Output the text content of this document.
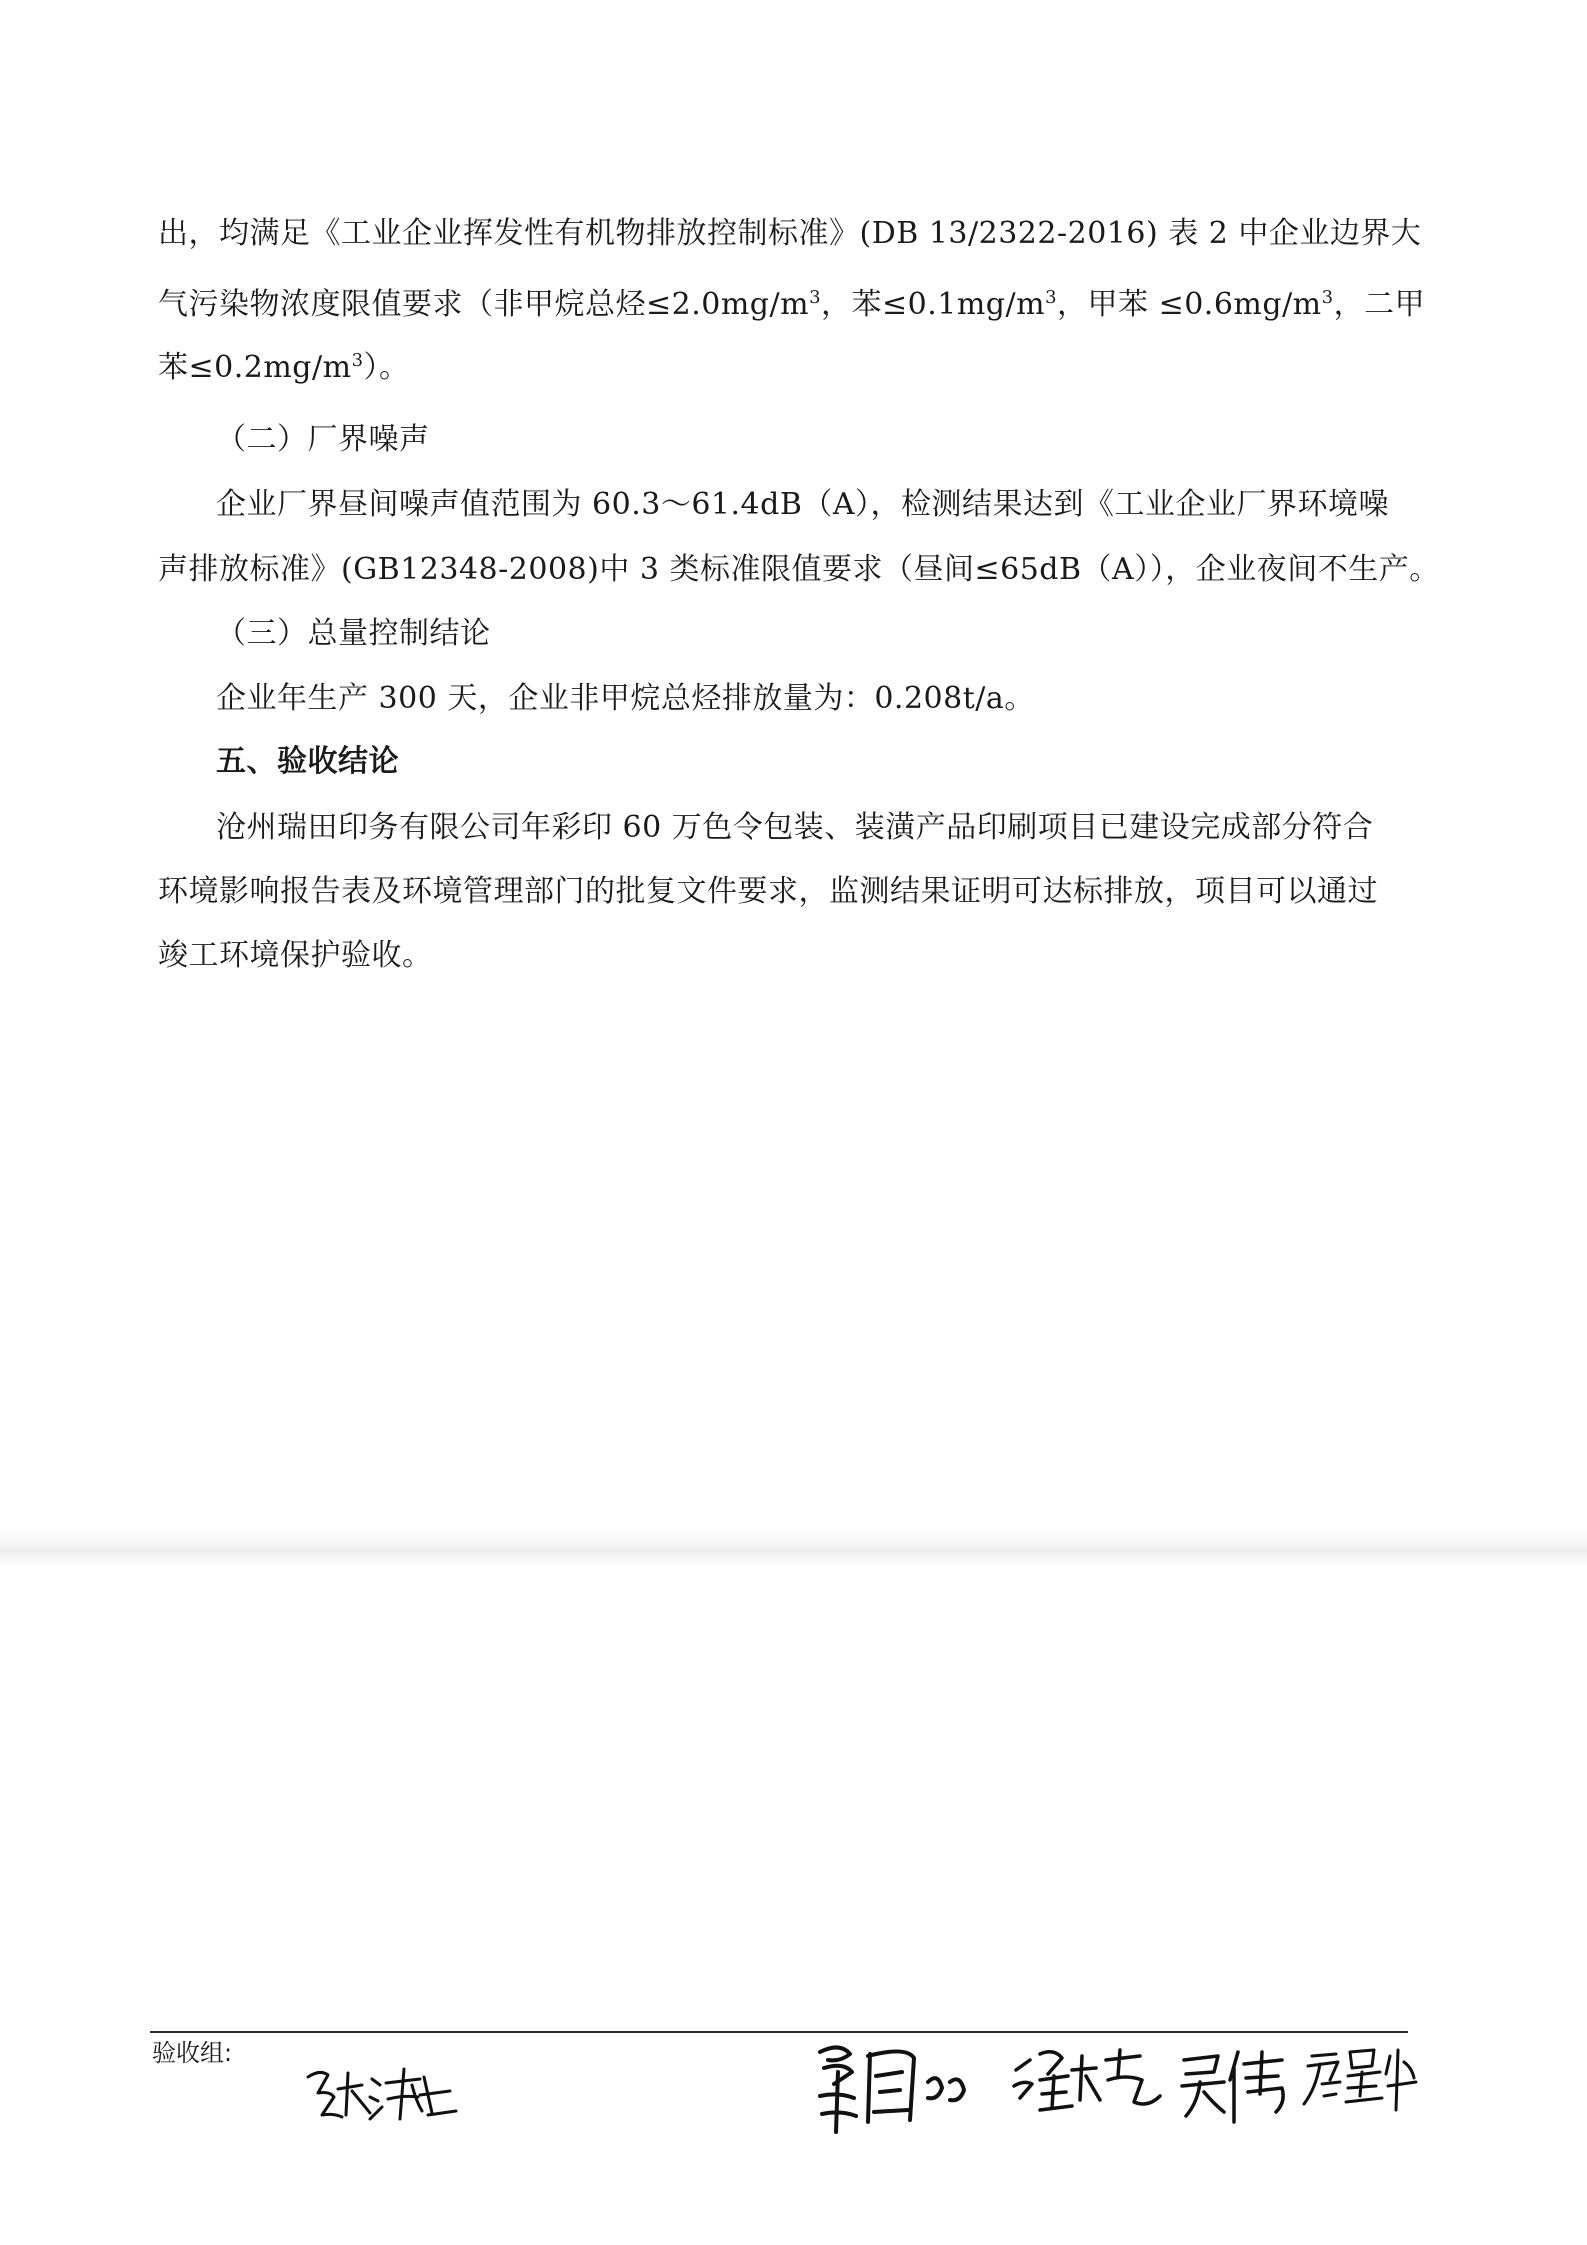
出，均满足《工业企业挥发性有机物排放控制标准》(DB 13/2322-2016) 表 2 中企业边界大
气污染物浓度限值要求（非甲烷总烃$\le 2.0mg/m^3$，苯$\le 0.1mg/m^3$，甲苯 $\le 0.6mg/m^3$，二甲
苯$\le 0.2mg/m^3$）。
（二）厂界噪声
企业厂界昼间噪声值范围为 60.3～61.4dB（A），检测结果达到《工业企业厂界环境噪
声排放标准》(GB12348-2008)中 3 类标准限值要求（昼间≤65dB（A）），企业夜间不生产。
（三）总量控制结论
企业年生产 300 天，企业非甲烷总烃排放量为：0.208t/a。
五、验收结论
沧州瑞田印务有限公司年彩印 60 万色令包装、装潢产品印刷项目已建设完成部分符合
环境影响报告表及环境管理部门的批复文件要求，监测结果证明可达标排放，项目可以通过
竣工环境保护验收。
验收组:
